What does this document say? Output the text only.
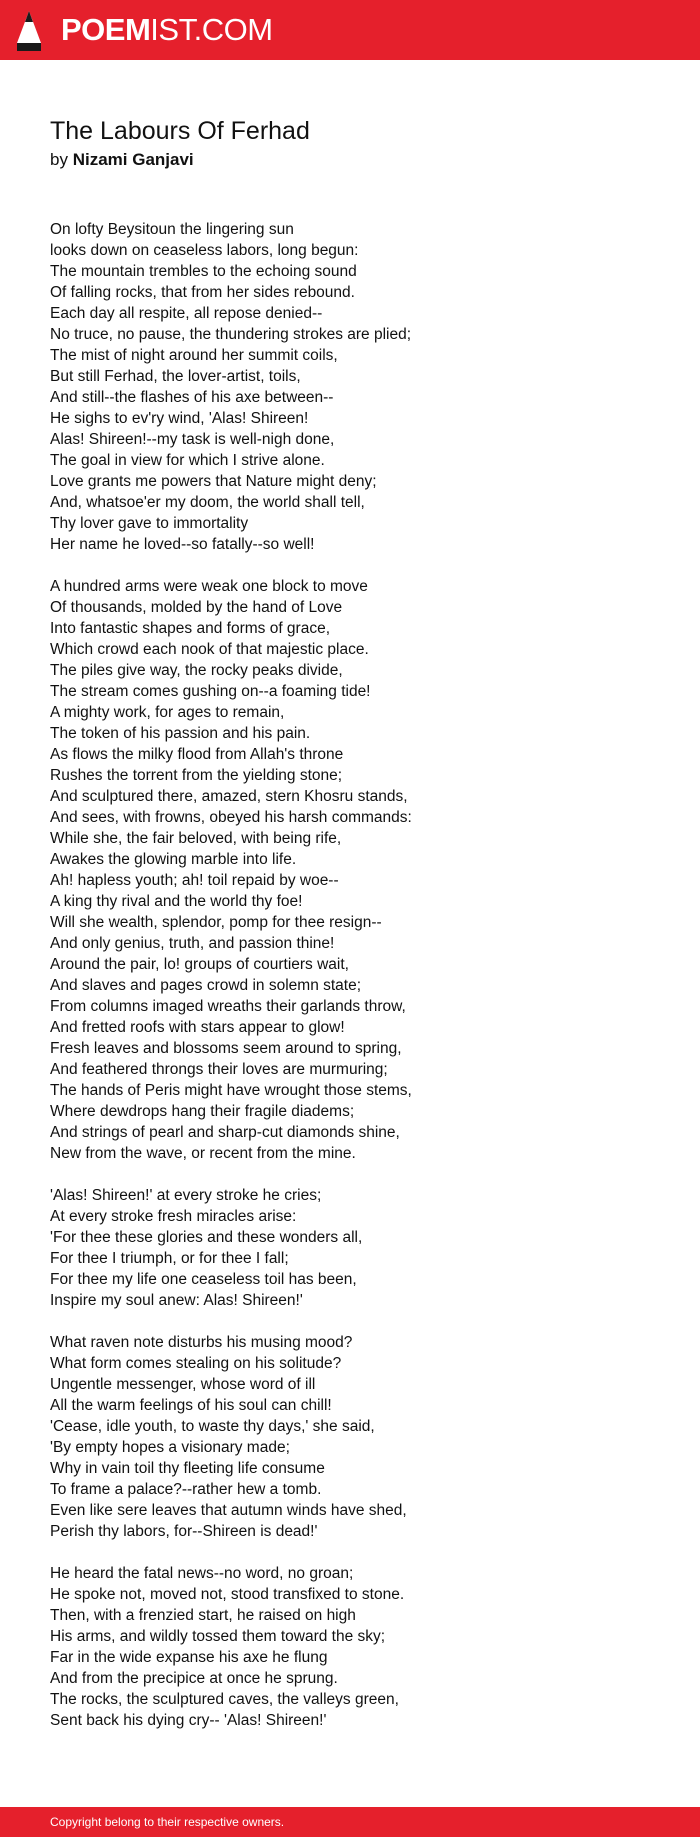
POEMIST.COM
The Labours Of Ferhad

by Nizami Ganjavi

On lofty Beysitoun the lingering sun
looks down on ceaseless labors, long begun:
The mountain trembles to the echoing sound
Of falling rocks, that from her sides rebound.
Each day all respite, all repose denied--
No truce, no pause, the thundering strokes are plied;
The mist of night around her summit coils,
But still Ferhad, the lover-artist, toils,
And still--the flashes of his axe between--
He sighs to ev'ry wind, 'Alas! Shireen!
Alas! Shireen!--my task is well-nigh done,
The goal in view for which I strive alone.
Love grants me powers that Nature might deny;
And, whatsoe'er my doom, the world shall tell,
Thy lover gave to immortality
Her name he loved--so fatally--so well!
A hundred arms were weak one block to move
Of thousands, molded by the hand of Love
Into fantastic shapes and forms of grace,
Which crowd each nook of that majestic place.
The piles give way, the rocky peaks divide,
The stream comes gushing on--a foaming tide!
A mighty work, for ages to remain,
The token of his passion and his pain.
As flows the milky flood from Allah's throne
Rushes the torrent from the yielding stone;
And sculptured there, amazed, stern Khosru stands,
And sees, with frowns, obeyed his harsh commands:
While she, the fair beloved, with being rife,
Awakes the glowing marble into life.
Ah! hapless youth; ah! toil repaid by woe--
A king thy rival and the world thy foe!
Will she wealth, splendor, pomp for thee resign--
And only genius, truth, and passion thine!
Around the pair, lo! groups of courtiers wait,
And slaves and pages crowd in solemn state;
From columns imaged wreaths their garlands throw,
And fretted roofs with stars appear to glow!
Fresh leaves and blossoms seem around to spring,
And feathered throngs their loves are murmuring;
The hands of Peris might have wrought those stems,
Where dewdrops hang their fragile diadems;
And strings of pearl and sharp-cut diamonds shine,
New from the wave, or recent from the mine.
'Alas! Shireen!' at every stroke he cries;
At every stroke fresh miracles arise:
'For thee these glories and these wonders all,
For thee I triumph, or for thee I fall;
For thee my life one ceaseless toil has been,
Inspire my soul anew: Alas! Shireen!'
What raven note disturbs his musing mood?
What form comes stealing on his solitude?
Ungentle messenger, whose word of ill
All the warm feelings of his soul can chill!
'Cease, idle youth, to waste thy days,' she said,
'By empty hopes a visionary made;
Why in vain toil thy fleeting life consume
To frame a palace?--rather hew a tomb.
Even like sere leaves that autumn winds have shed,
Perish thy labors, for--Shireen is dead!'
He heard the fatal news--no word, no groan;
He spoke not, moved not, stood transfixed to stone.
Then, with a frenzied start, he raised on high
His arms, and wildly tossed them toward the sky;
Far in the wide expanse his axe he flung
And from the precipice at once he sprung.
The rocks, the sculptured caves, the valleys green,
Sent back his dying cry-- 'Alas! Shireen!'
Copyright belong to their respective owners.
